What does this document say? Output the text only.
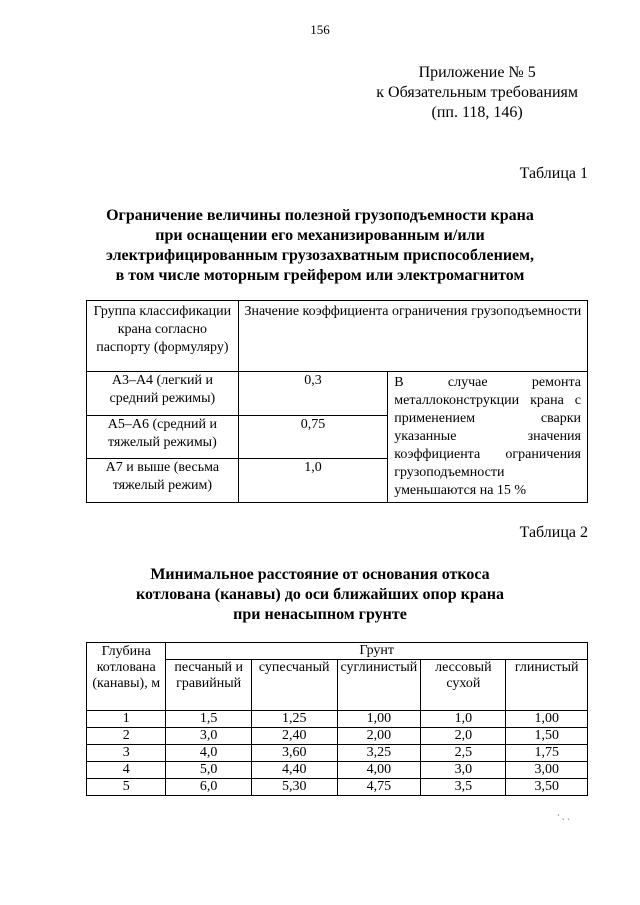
156
Приложение № 5
к Обязательным требованиям
(пп. 118, 146)
Таблица 1
Ограничение величины полезной грузоподъемности крана
при оснащении его механизированным и/или
электрифицированным грузозахватным приспособлением,
в том числе моторным грейфером или электромагнитом
Группа классификации крана согласно паспорту (формуляру)	Значение коэффициента ограничения грузоподъемности	
А3–А4 (легкий и средний режимы)	0,3	В случае ремонта металлоконструкции крана с применением сварки указанные значения коэффициента ограничения грузоподъемности уменьшаются на 15 %
А5–А6 (средний и тяжелый режимы)	0,75	
А7 и выше (весьма тяжелый режим)	1,0	
Таблица 2
Минимальное расстояние от основания откоса
котлована (канавы) до оси ближайших опор крана
при ненасыпном грунте
Глубина котлована (канавы), м	Грунт				
	песчаный и гравийный	супесчаный	суглинистый	лессовый сухой	глинистый
1	1,5	1,25	1,00	1,0	1,00
2	3,0	2,40	2,00	2,0	1,50
3	4,0	3,60	3,25	2,5	1,75
4	5,0	4,40	4,00	3,0	3,00
5	6,0	5,30	4,75	3,5	3,50
⸱ ˏ ˎ
